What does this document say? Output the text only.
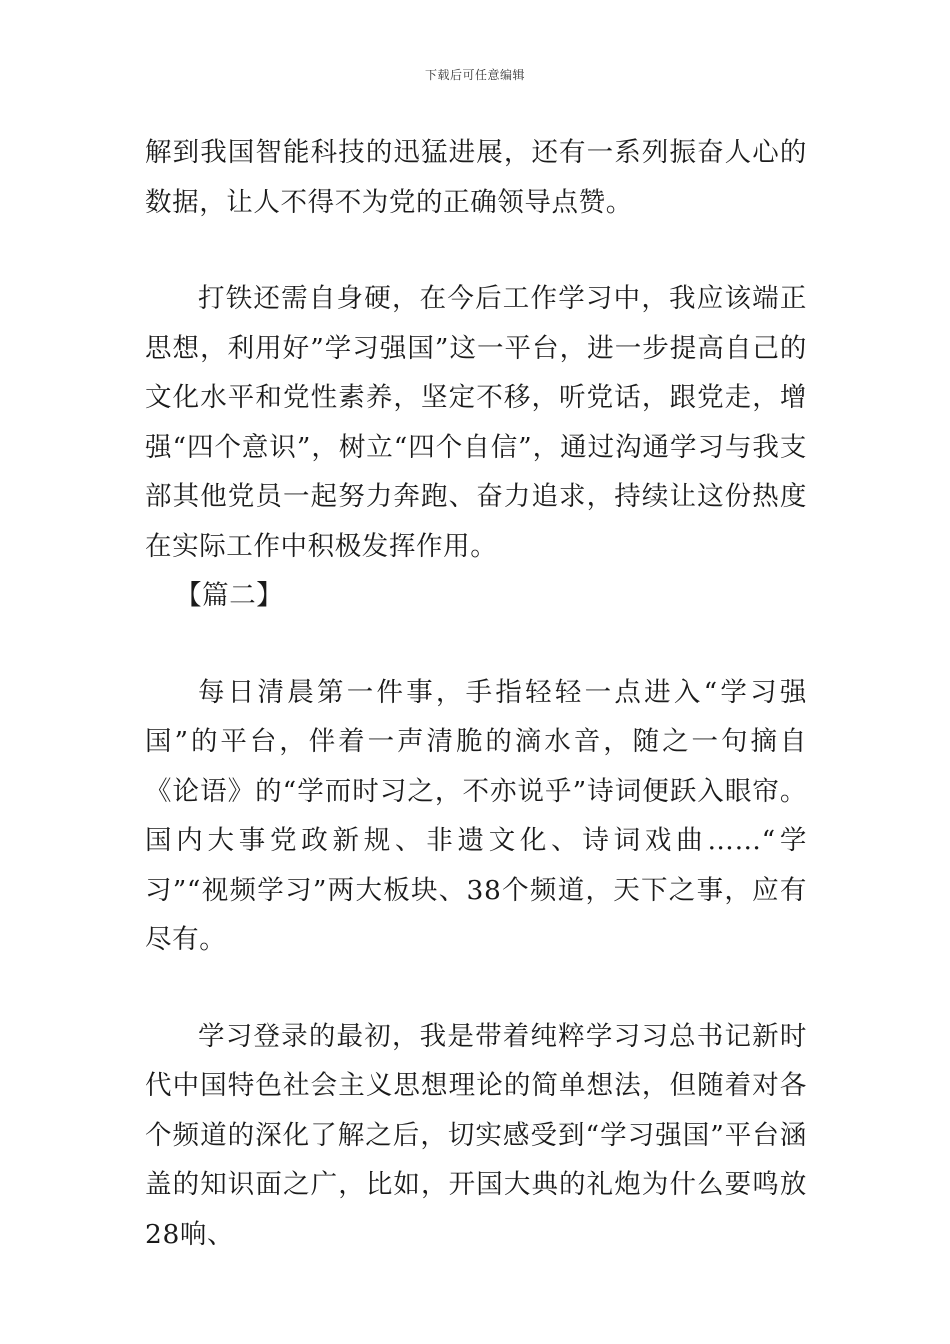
下载后可任意编辑

解到我国智能科技的迅猛进展，还有一系列振奋人心的数据，让人不得不为党的正确领导点赞。

打铁还需自身硬，在今后工作学习中，我应该端正思想，利用好”学习强国”这一平台，进一步提高自己的文化水平和党性素养，坚定不移，听党话，跟党走，增强“四个意识”，树立“四个自信”，通过沟通学习与我支部其他党员一起努力奔跑、奋力追求，持续让这份热度在实际工作中积极发挥作用。

【篇二】

每日清晨第一件事，手指轻轻一点进入“学习强国”的平台，伴着一声清脆的滴水音，随之一句摘自《论语》的“学而时习之，不亦说乎”诗词便跃入眼帘。国内大事党政新规、非遗文化、诗词戏曲……“学习”“视频学习”两大板块、38个频道，天下之事，应有尽有。

学习登录的最初，我是带着纯粹学习习总书记新时代中国特色社会主义思想理论的简单想法，但随着对各个频道的深化了解之后，切实感受到“学习强国”平台涵盖的知识面之广，比如，开国大典的礼炮为什么要鸣放28响、
